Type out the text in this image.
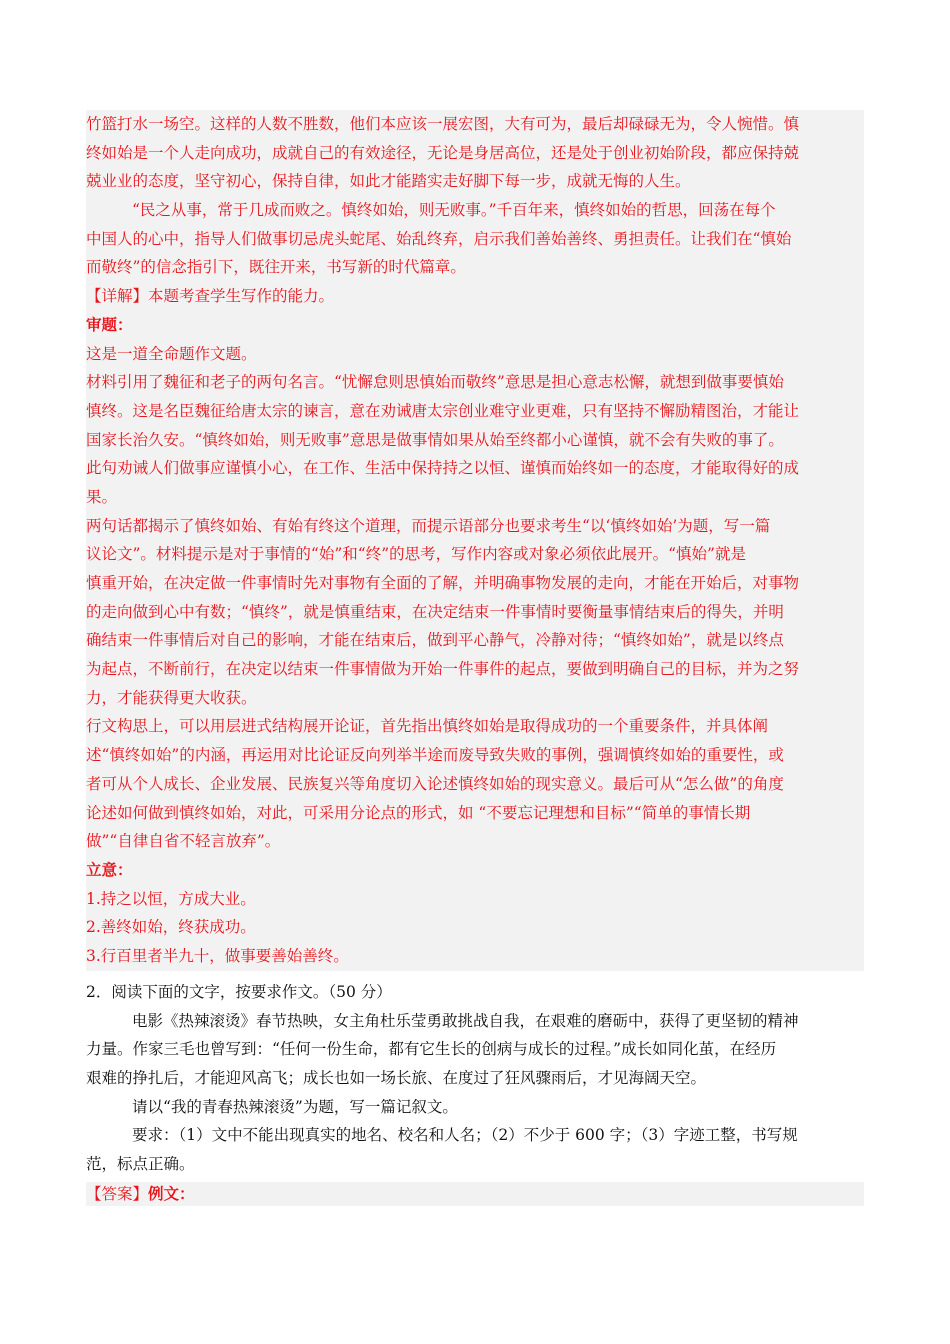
竹篮打水一场空。这样的人数不胜数，他们本应该一展宏图，大有可为，最后却碌碌无为，令人惋惜。慎
终如始是一个人走向成功，成就自己的有效途径，无论是身居高位，还是处于创业初始阶段，都应保持兢
兢业业的态度，坚守初心，保持自律，如此才能踏实走好脚下每一步，成就无悔的人生。
“民之从事，常于几成而败之。慎终如始，则无败事。”千百年来，慎终如始的哲思，回荡在每个
中国人的心中，指导人们做事切忌虎头蛇尾、始乱终弃，启示我们善始善终、勇担责任。让我们在“慎始
而敬终”的信念指引下，既往开来，书写新的时代篇章。
【详解】本题考查学生写作的能力。
审题：
这是一道全命题作文题。
材料引用了魏征和老子的两句名言。“忧懈怠则思慎始而敬终”意思是担心意志松懈，就想到做事要慎始
慎终。这是名臣魏征给唐太宗的谏言，意在劝诫唐太宗创业难守业更难，只有坚持不懈励精图治，才能让
国家长治久安。“慎终如始，则无败事”意思是做事情如果从始至终都小心谨慎，就不会有失败的事了。
此句劝诫人们做事应谨慎小心，在工作、生活中保持持之以恒、谨慎而始终如一的态度，才能取得好的成
果。
两句话都揭示了慎终如始、有始有终这个道理，而提示语部分也要求考生“以‘慎终如始’为题，写一篇
议论文”。材料提示是对于事情的“始”和“终”的思考，写作内容或对象必须依此展开。“慎始”就是
慎重开始，在决定做一件事情时先对事物有全面的了解，并明确事物发展的走向，才能在开始后，对事物
的走向做到心中有数；“慎终”，就是慎重结束，在决定结束一件事情时要衡量事情结束后的得失，并明
确结束一件事情后对自己的影响，才能在结束后，做到平心静气，冷静对待；“慎终如始”，就是以终点
为起点，不断前行，在决定以结束一件事情做为开始一件事件的起点，要做到明确自己的目标，并为之努
力，才能获得更大收获。
行文构思上，可以用层进式结构展开论证，首先指出慎终如始是取得成功的一个重要条件，并具体阐
述“慎终如始”的内涵，再运用对比论证反向列举半途而废导致失败的事例，强调慎终如始的重要性，或
者可从个人成长、企业发展、民族复兴等角度切入论述慎终如始的现实意义。最后可从“怎么做”的角度
论述如何做到慎终如始，对此，可采用分论点的形式，如 “不要忘记理想和目标”“简单的事情长期
做”“自律自省不轻言放弃”。
立意：
1.持之以恒，方成大业。
2.善终如始，终获成功。
3.行百里者半九十，做事要善始善终。
2．阅读下面的文字，按要求作文。（50 分）
电影《热辣滚烫》春节热映，女主角杜乐莹勇敢挑战自我，在艰难的磨砺中，获得了更坚韧的精神
力量。作家三毛也曾写到：“任何一份生命，都有它生长的创病与成长的过程。”成长如同化茧，在经历
艰难的挣扎后，才能迎风高飞；成长也如一场长旅、在度过了狂风骤雨后，才见海阔天空。
请以“我的青春热辣滚烫”为题，写一篇记叙文。
要求：（1）文中不能出现真实的地名、校名和人名；（2）不少于 600 字；（3）字迹工整，书写规
范，标点正确。
【答案】例文：
